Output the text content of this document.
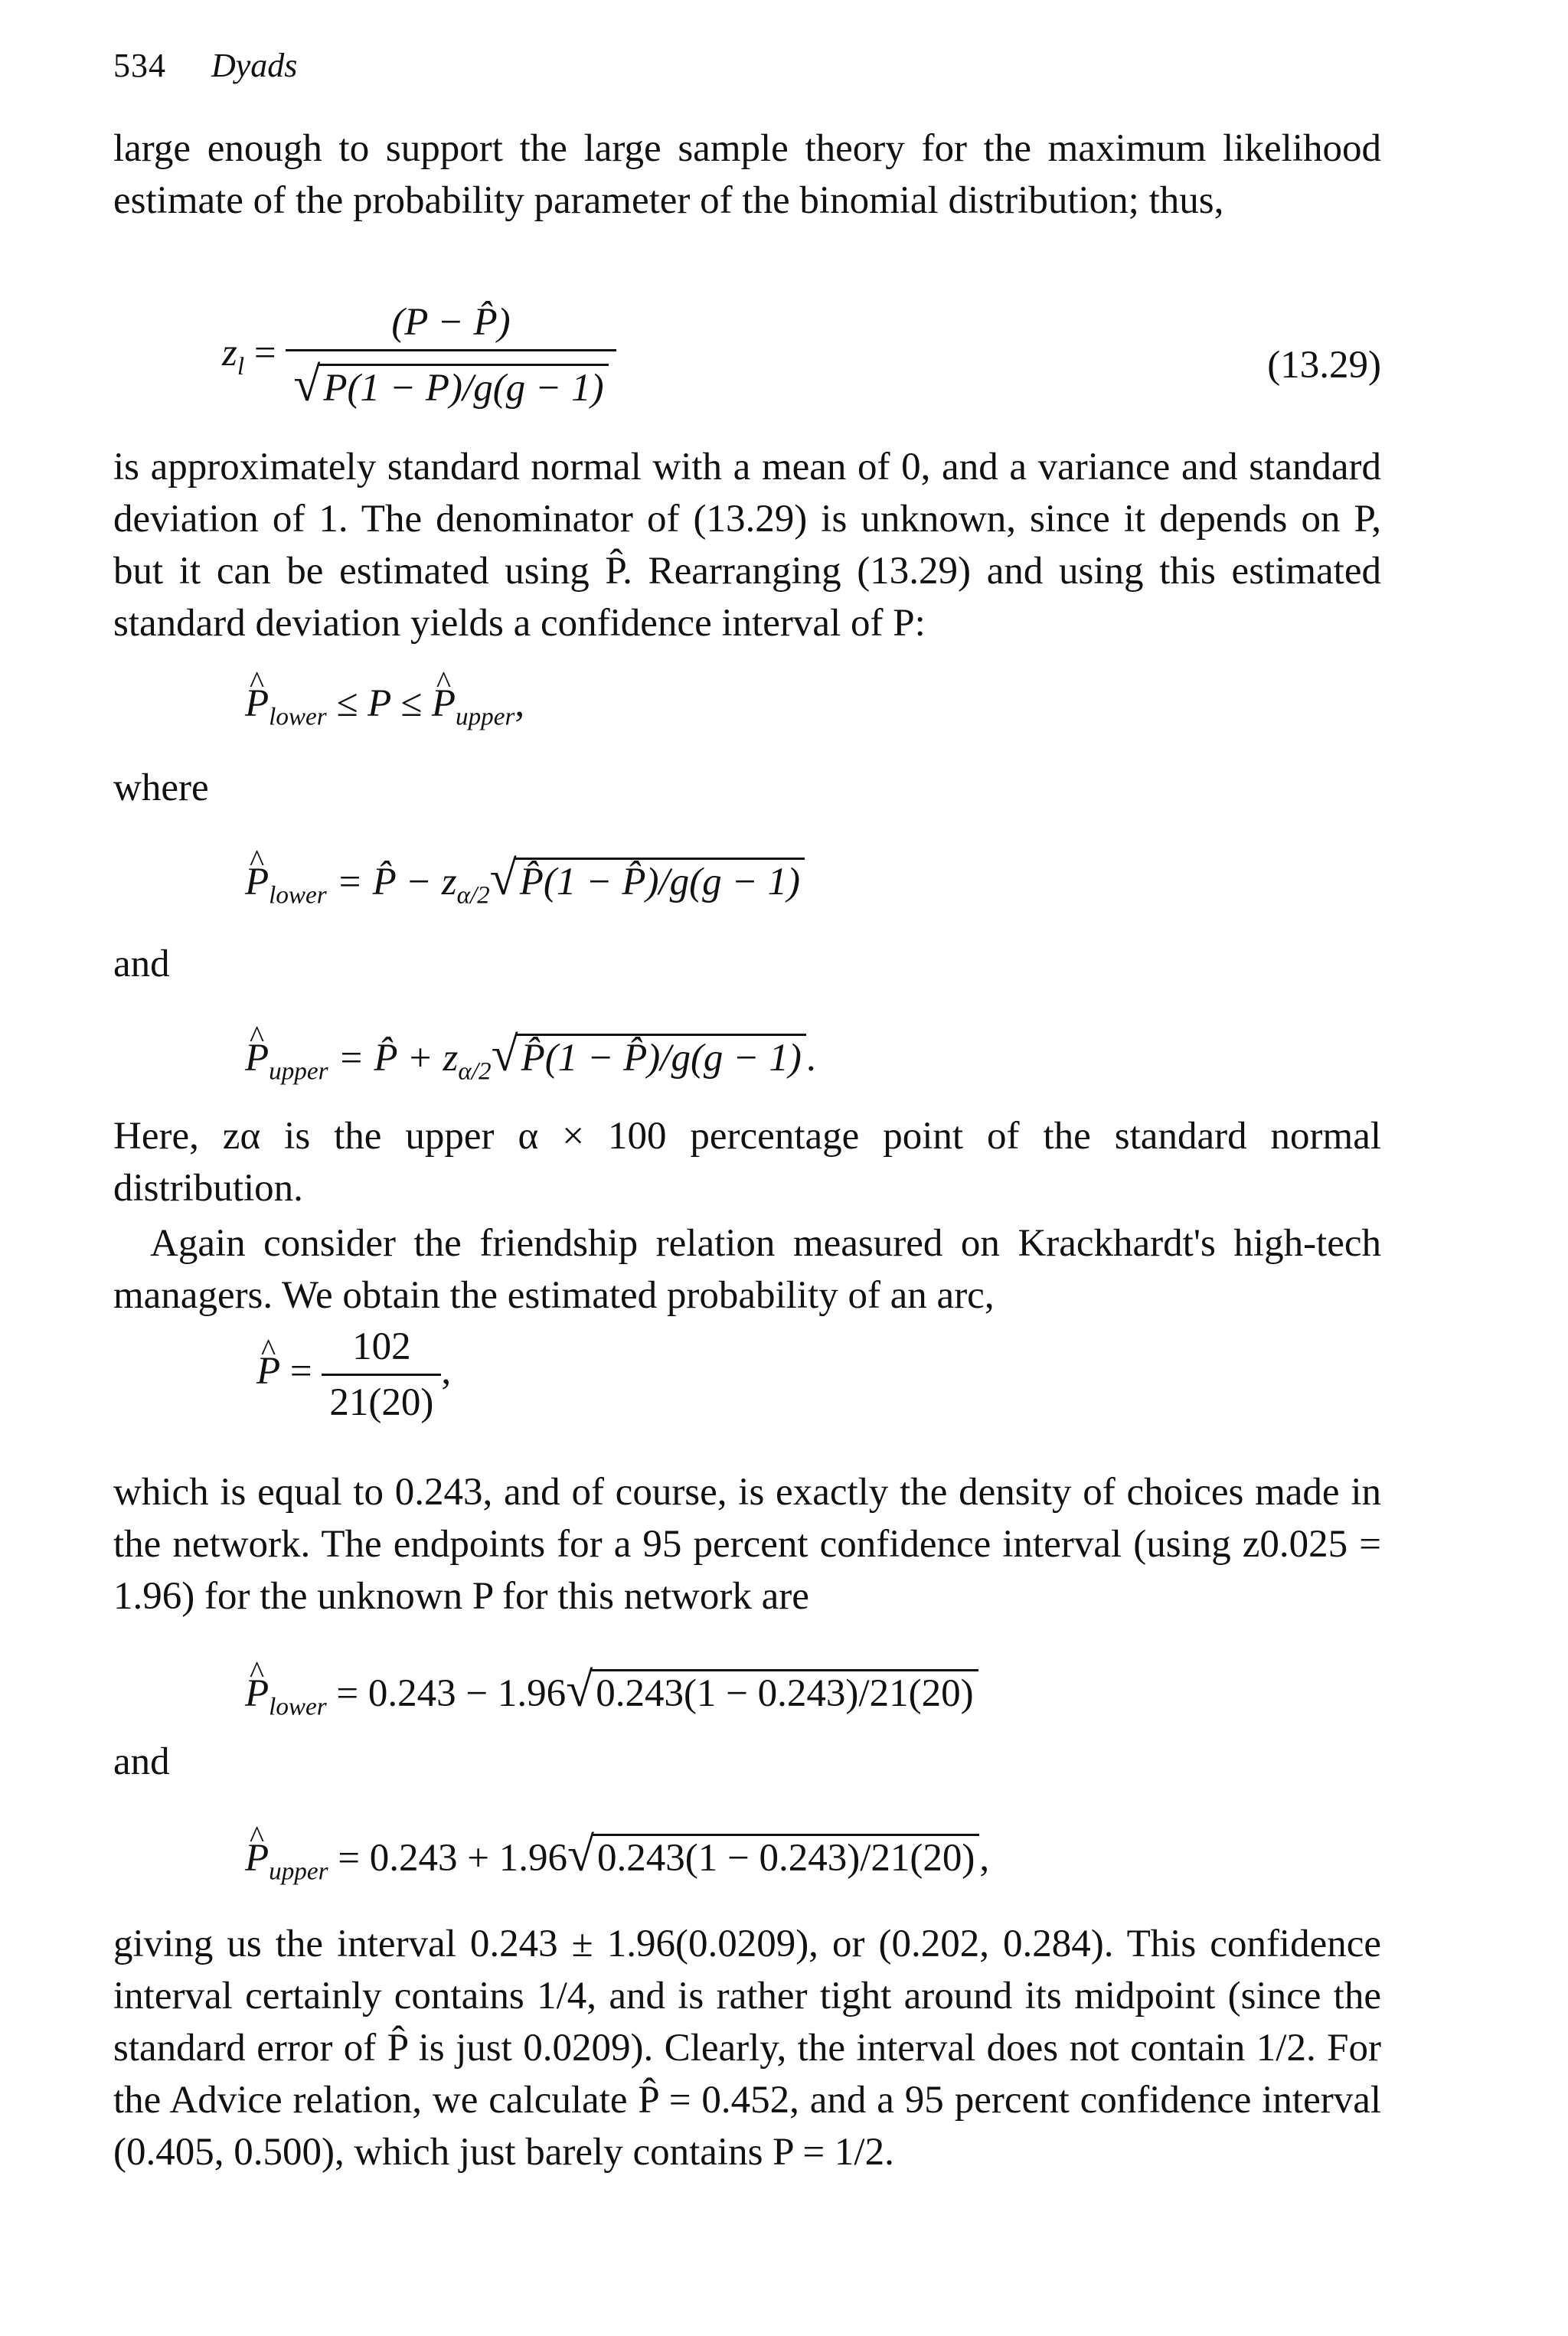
534 Dyads
large enough to support the large sample theory for the maximum likelihood estimate of the probability parameter of the binomial distribution; thus,
$z_l = \frac{(P - P̂)}{√P(1 - P)/g(g - 1)}$	(13.29)
is approximately standard normal with a mean of 0, and a variance and standard deviation of 1. The denominator of (13.29) is unknown, since it depends on P, but it can be estimated using P̂. Rearranging (13.29) and using this estimated standard deviation yields a confidence interval of P:
^ $P_{lower} \le P$ ≤ ^ $P_{upper}$,
where
^ $P_{lower}$ = P̂ − $z_{\alpha/2}√P̂(1$ − P̂)/g(g − 1)
and
^ $P_{upper}$ = P̂ + $z_{\alpha/2}√P̂(1$ − P̂)/g(g − 1) .
Here, zα is the upper α × 100 percentage point of the standard normal distribution.
Again consider the friendship relation measured on Krackhardt's high-tech managers. We obtain the estimated probability of an arc,
^ $P = \frac{102}{21(20)}$ ,
which is equal to 0.243, and of course, is exactly the density of choices made in the network. The endpoints for a 95 percent confidence interval (using z0.025 = 1.96) for the unknown P for this network are
^ $P_{lower} = 0.243 - 1.96√0.243(1 - 0.243)/21(20)$
and
^ $P_{upper} = 0.243 + 1.96√0.243(1 - 0.243)/21(20)$ ,
giving us the interval 0.243 ± 1.96(0.0209), or (0.202, 0.284). This confidence interval certainly contains 1/4, and is rather tight around its midpoint (since the standard error of P̂ is just 0.0209). Clearly, the interval does not contain 1/2. For the Advice relation, we calculate P̂ = 0.452, and a 95 percent confidence interval (0.405, 0.500), which just barely contains P = 1/2.
